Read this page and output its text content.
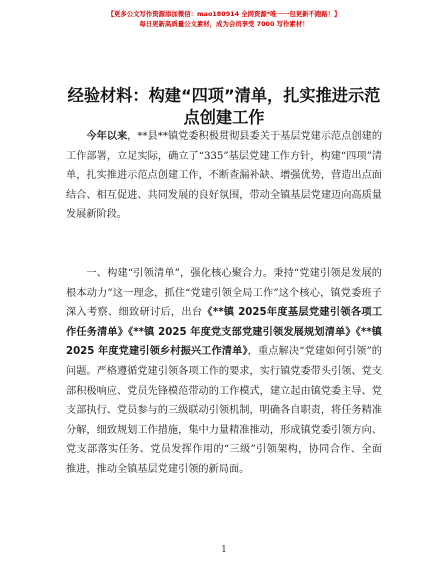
【更多公文写作资源添加微信：mao180914 全网资源*唯一一包更新不跑路！】
每日更新高质量公文素材，成为会员享受 7000 写作素材！
经验材料：构建“四项”清单，扎实推进示范
点创建工作

今年以来，**县**镇党委积极贯彻县委关于基层党建示范点创建的工作部署，立足实际，确立了“335”基层党建工作方针，构建“四项”清单，扎实推进示范点创建工作，不断查漏补缺、增强优势，营造出点面结合、相互促进、共同发展的良好氛围，带动全镇基层党建迈向高质量发展新阶段。

一、构建“引领清单”，强化核心聚合力。秉持“党建引领是发展的根本动力”这一理念，抓住“党建引领全局工作”这个核心，镇党委班子深入考察、细致研讨后，出台《**镇 2025年度基层党建引领各项工作任务清单》《**镇 2025 年度党支部党建引领发展规划清单》《**镇 2025 年度党建引领乡村振兴工作清单》，重点解决“党建如何引领”的问题。严格遵循党建引领各项工作的要求，实行镇党委带头引领、党支部积极响应、党员先锋模范带动的工作模式，建立起由镇党委主导、党支部执行、党员参与的三级联动引领机制，明确各自职责，将任务精准分解，细致规划工作措施，集中力量精准推动，形成镇党委引领方向、党支部落实任务、党员发挥作用的“三级”引领架构，协同合作、全面推进，推动全镇基层党建引领的新局面。

1
